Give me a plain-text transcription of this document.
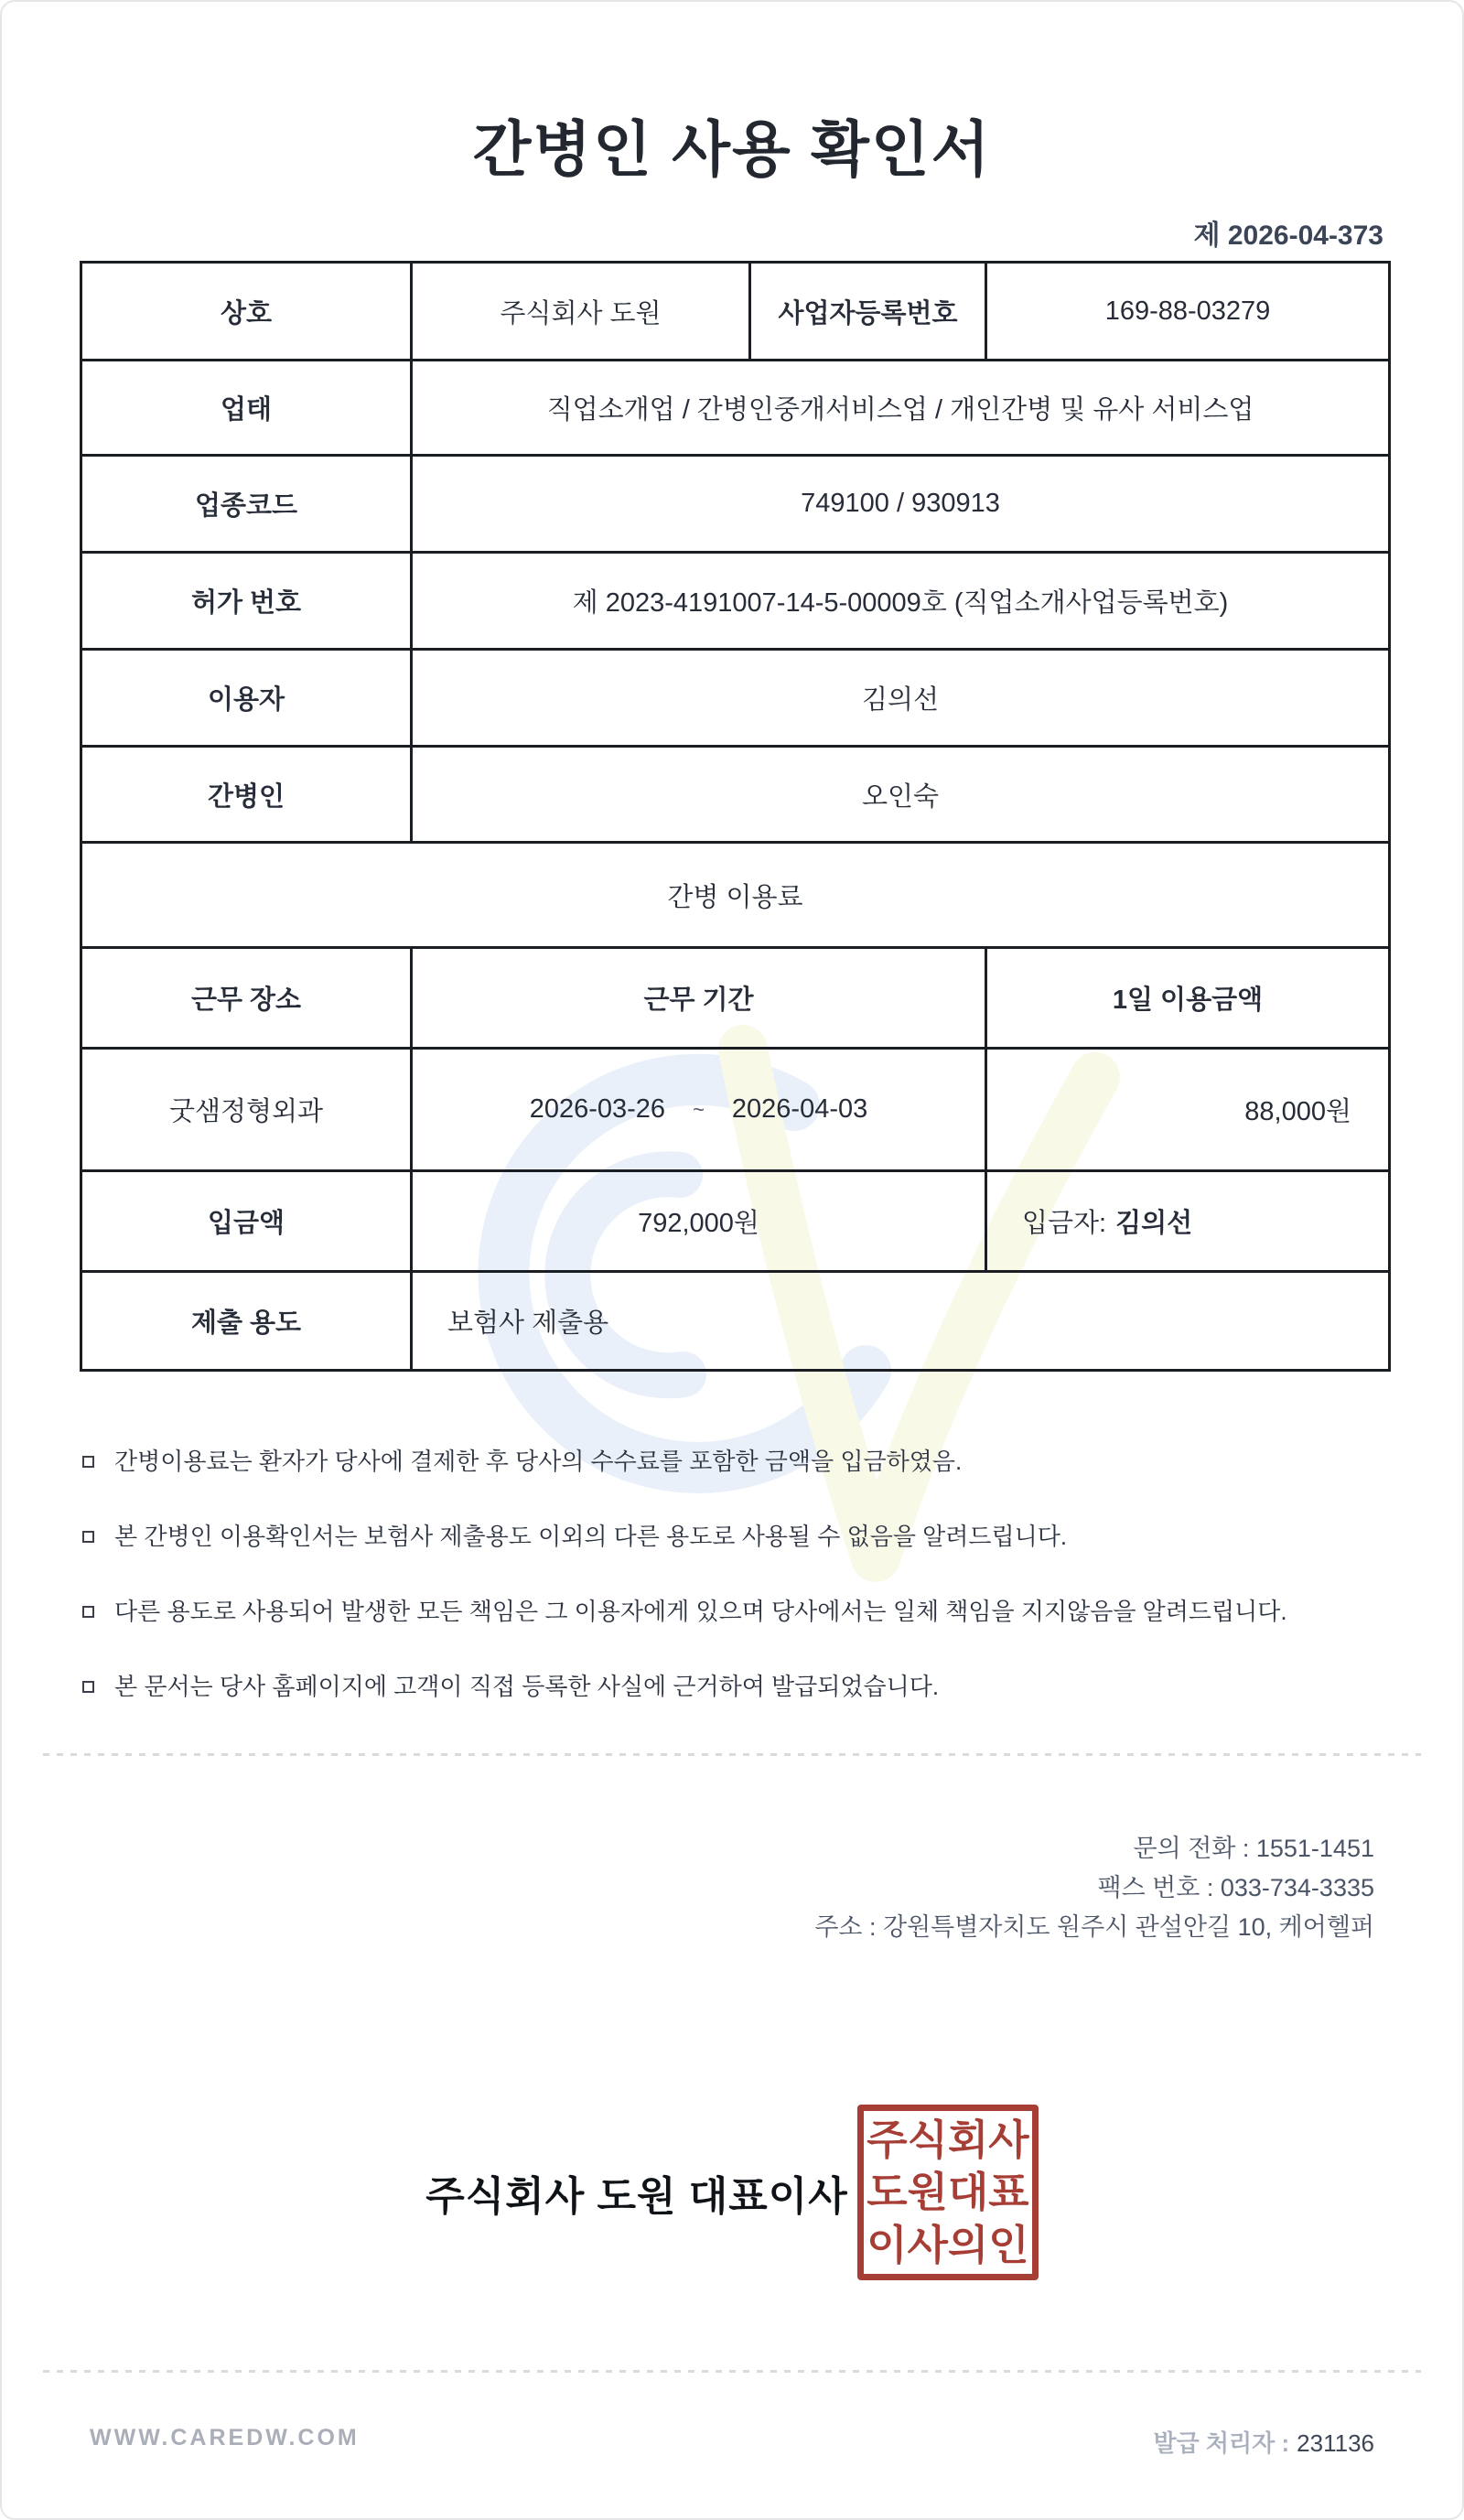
간병인 사용 확인서
제 2026-04-373
상호	주식회사 도원	사업자등록번호	169-88-03279
업태	직업소개업 / 간병인중개서비스업 / 개인간병 및 유사 서비스업		
업종코드	749100 / 930913		
허가 번호	제 2023-4191007-14-5-00009호 (직업소개사업등록번호)		
이용자	김의선		
간병인	오인숙		
간병 이용료			
근무 장소	근무 기간		1일 이용금액
굿샘정형외과	2026-03-26 ~ 2026-04-03		88,000원
입금액	792,000원		입금자: 김의선
제출 용도	보험사 제출용		
간병이용료는 환자가 당사에 결제한 후 당사의 수수료를 포함한 금액을 입금하였음.
본 간병인 이용확인서는 보험사 제출용도 이외의 다른 용도로 사용될 수 없음을 알려드립니다.
다른 용도로 사용되어 발생한 모든 책임은 그 이용자에게 있으며 당사에서는 일체 책임을 지지않음을 알려드립니다.
본 문서는 당사 홈페이지에 고객이 직접 등록한 사실에 근거하여 발급되었습니다.
문의 전화 : 1551-1451
팩스 번호 : 033-734-3335
주소 : 강원특별자치도 원주시 관설안길 10, 케어헬퍼
주식회사 도원 대표이사
주식회사
도원대표
이사의인
WWW.CAREDW.COM	발급 처리자 : 231136
